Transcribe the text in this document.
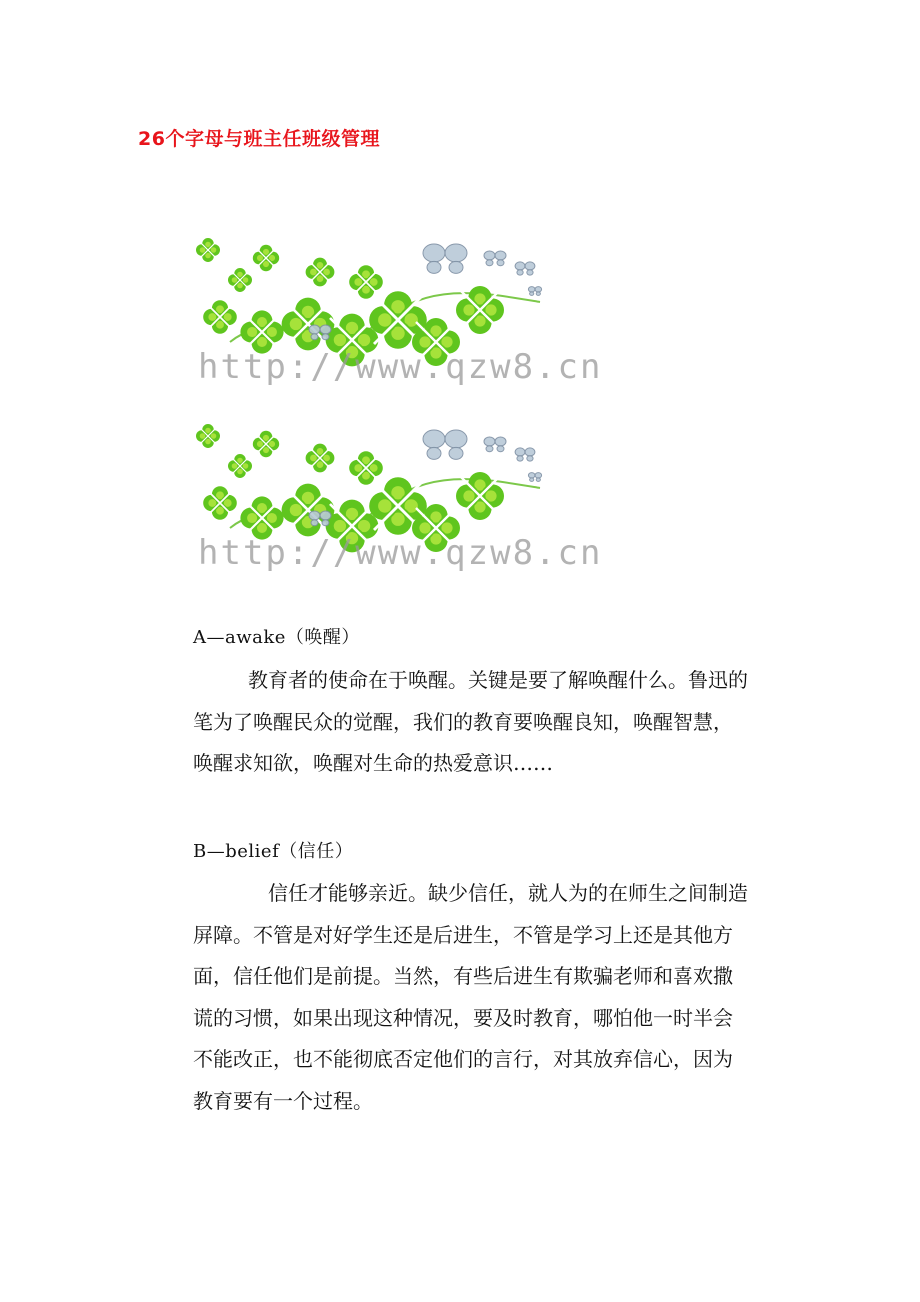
26个字母与班主任班级管理
http://www.qzw8.cn
http://www.qzw8.cn
A—awake（唤醒）
教育者的使命在于唤醒。关键是要了解唤醒什么。鲁迅的
笔为了唤醒民众的觉醒，我们的教育要唤醒良知，唤醒智慧，
唤醒求知欲，唤醒对生命的热爱意识……
B—belief（信任）
信任才能够亲近。缺少信任，就人为的在师生之间制造
屏障。不管是对好学生还是后进生，不管是学习上还是其他方
面，信任他们是前提。当然，有些后进生有欺骗老师和喜欢撒
谎的习惯，如果出现这种情况，要及时教育，哪怕他一时半会
不能改正，也不能彻底否定他们的言行，对其放弃信心，因为
教育要有一个过程。
